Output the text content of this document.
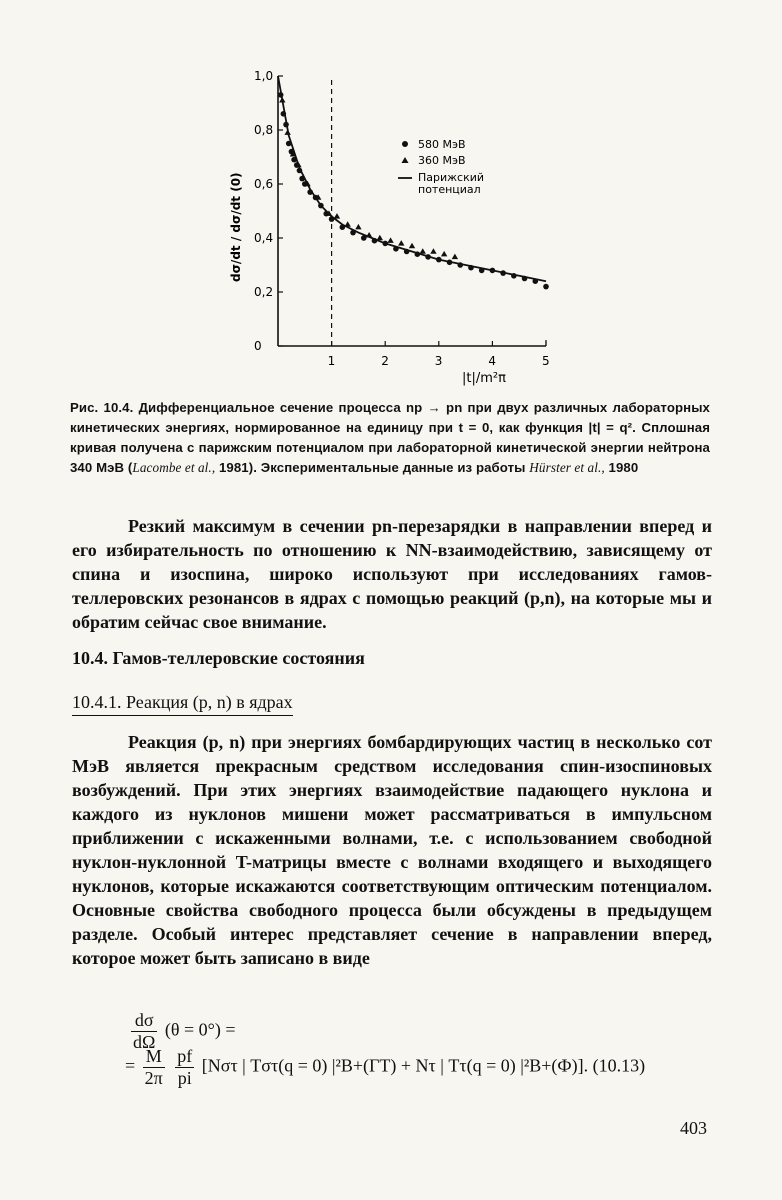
1	2	3	4	5
0
0,2
0,4
0,6
0,8
1,0
dσ/dt / dσ/dt (0)
|t|/m²π
580 МэВ
360 МэВ
Парижский
потенциал
Рис. 10.4. Дифференциальное сечение процесса np → pn при двух различных лабораторных кинетических энергиях, нормированное на единицу при t = 0, как функция |t| = q². Сплошная кривая получена с парижским потенциалом при лабораторной кинетической энергии нейтрона 340 МэВ (Lacombe et al., 1981). Экспериментальные данные из работы Hürster et al., 1980
Резкий максимум в сечении pn-перезарядки в направлении вперед и его избирательность по отношению к NN-взаимодействию, зависящему от спина и изоспина, широко используют при исследованиях гамов-теллеровских резонансов в ядрах с помощью реакций (p,n), на которые мы и обратим сейчас свое внимание.
10.4. Гамов-теллеровские состояния
10.4.1. Реакция (p, n) в ядрах
Реакция (p, n) при энергиях бомбардирующих частиц в несколько сот МэВ является прекрасным средством исследования спин-изоспиновых возбуждений. При этих энергиях взаимодействие падающего нуклона и каждого из нуклонов мишени может рассматриваться в импульсном приближении с искаженными волнами, т.е. с использованием свободной нуклон-нуклонной T-матрицы вместе с волнами входящего и выходящего нуклонов, которые искажаются соответствующим оптическим потенциалом. Основные свойства свободного процесса были обсуждены в предыдущем разделе. Особый интерес представляет сечение в направлении вперед, которое может быть записано в виде
$\frac{d\sigma}{d\Omega} (\theta = 0^\circ)$ =
= $\frac{M}{2\pi}$
$\frac{pf}{pi} [N\sigma\tau$ | Tστ(q = 0) |²B+(ГТ) + Nτ | Tτ(q = 0) |²B+(Ф)]. (10.13)
403
